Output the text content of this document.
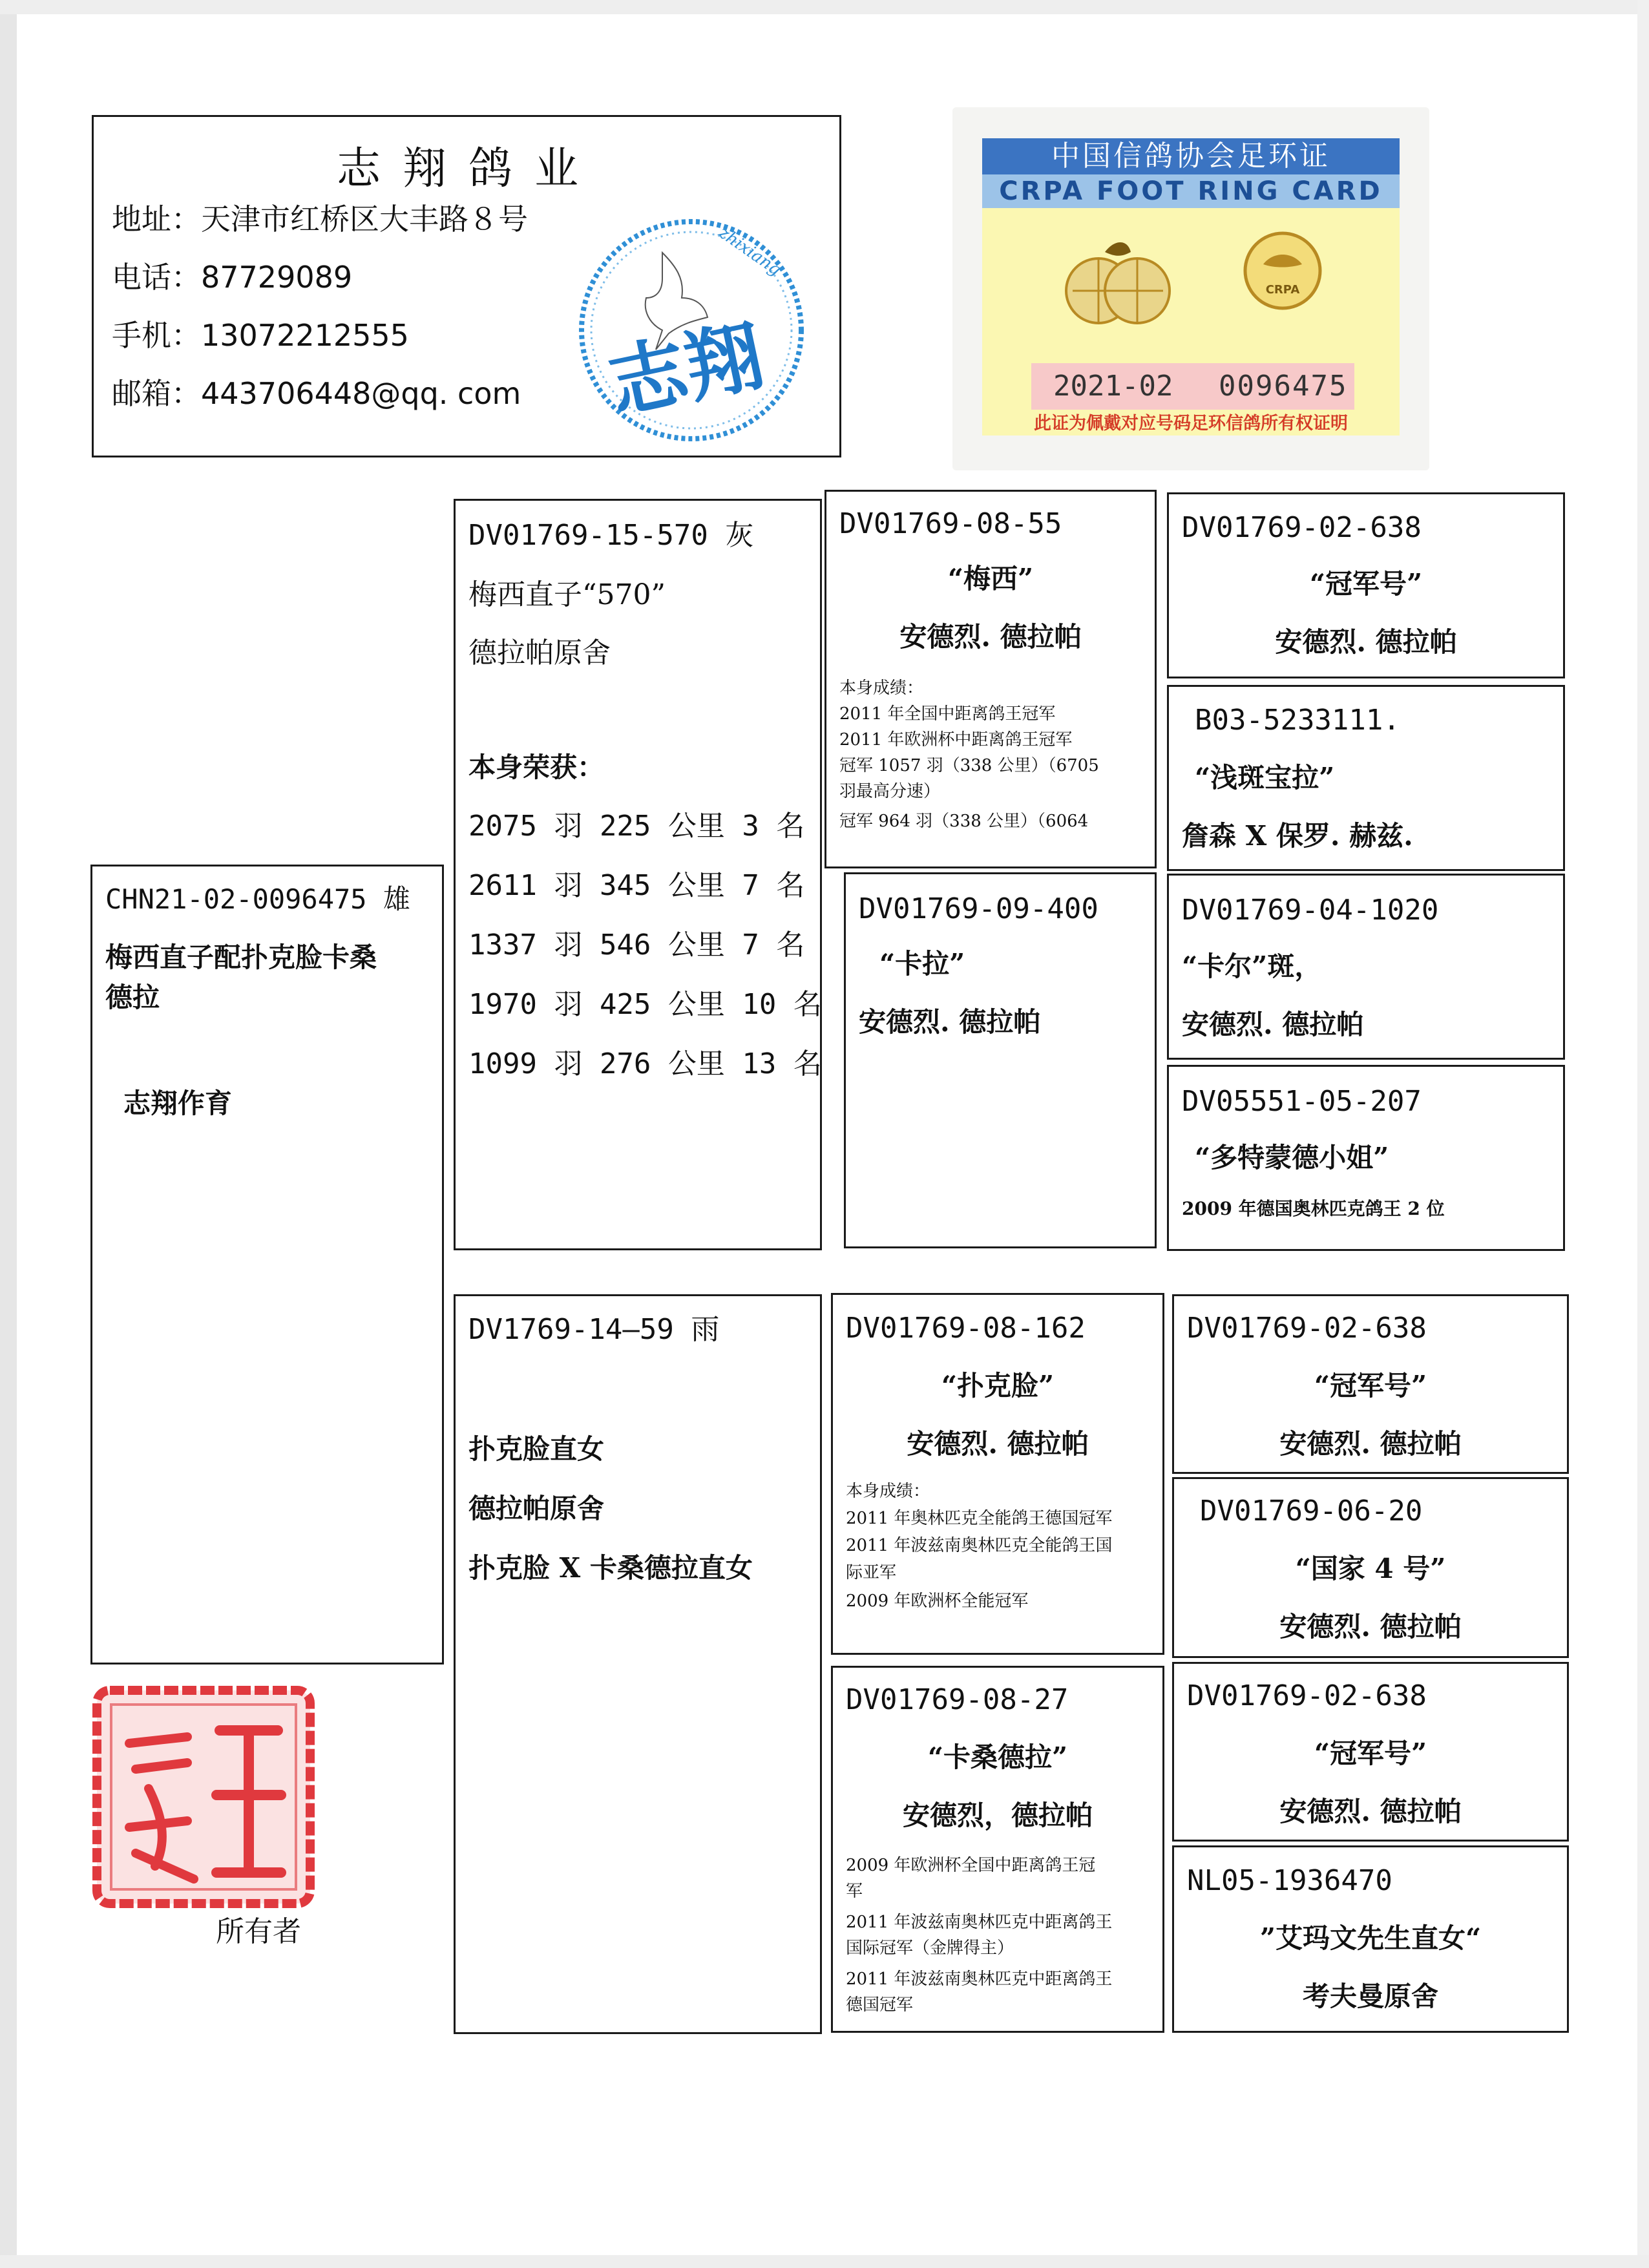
志翔鸽业
地址：天津市红桥区大丰路８号
电话：87729089
手机：13072212555
邮箱：443706448@qq. com 志翔
zhixiang
中国信鸽协会足环证
CRPA FOOT RING CARD
CRPA
2021-02 0096475
此证为佩戴对应号码足环信鸽所有权证明
CHN21-02-0096475 雄
梅西直子配扑克脸卡桑
德拉
志翔作育
DV01769-15-570 灰
梅西直子“570”
德拉帕原舍
本身荣获：
2075 羽 225 公里 3 名
2611 羽 345 公里 7 名
1337 羽 546 公里 7 名
1970 羽 425 公里 10 名
1099 羽 276 公里 13 名
DV1769-14—59 雨
扑克脸直女
德拉帕原舍
扑克脸 X 卡桑德拉直女
DV01769-08-55
“梅西”
安德烈. 德拉帕
本身成绩：
2011 年全国中距离鸽王冠军
2011 年欧洲杯中距离鸽王冠军
冠军 1057 羽（338 公里）（6705
羽最高分速）
冠军 964 羽（338 公里）（6064
DV01769-09-400
“卡拉”
安德烈. 德拉帕
DV01769-08-162
“扑克脸”
安德烈. 德拉帕
本身成绩：
2011 年奥林匹克全能鸽王德国冠军
2011 年波兹南奥林匹克全能鸽王国
际亚军
2009 年欧洲杯全能冠军
DV01769-08-27
“卡桑德拉”
安德烈，德拉帕
2009 年欧洲杯全国中距离鸽王冠
军
2011 年波兹南奥林匹克中距离鸽王
国际冠军（金牌得主）
2011 年波兹南奥林匹克中距离鸽王
德国冠军
DV01769-02-638
“冠军号”
安德烈. 德拉帕
B03-5233111.
“浅斑宝拉”
詹森 X 保罗. 赫兹.
DV01769-04-1020
“卡尔”斑，
安德烈. 德拉帕
DV05551-05-207
“多特蒙德小姐”
2009 年德国奥林匹克鸽王 2 位
DV01769-02-638
“冠军号”
安德烈. 德拉帕
DV01769-06-20
“国家 4 号”
安德烈. 德拉帕
DV01769-02-638
“冠军号”
安德烈. 德拉帕
NL05-1936470
”艾玛文先生直女“
考夫曼原舍
所有者
